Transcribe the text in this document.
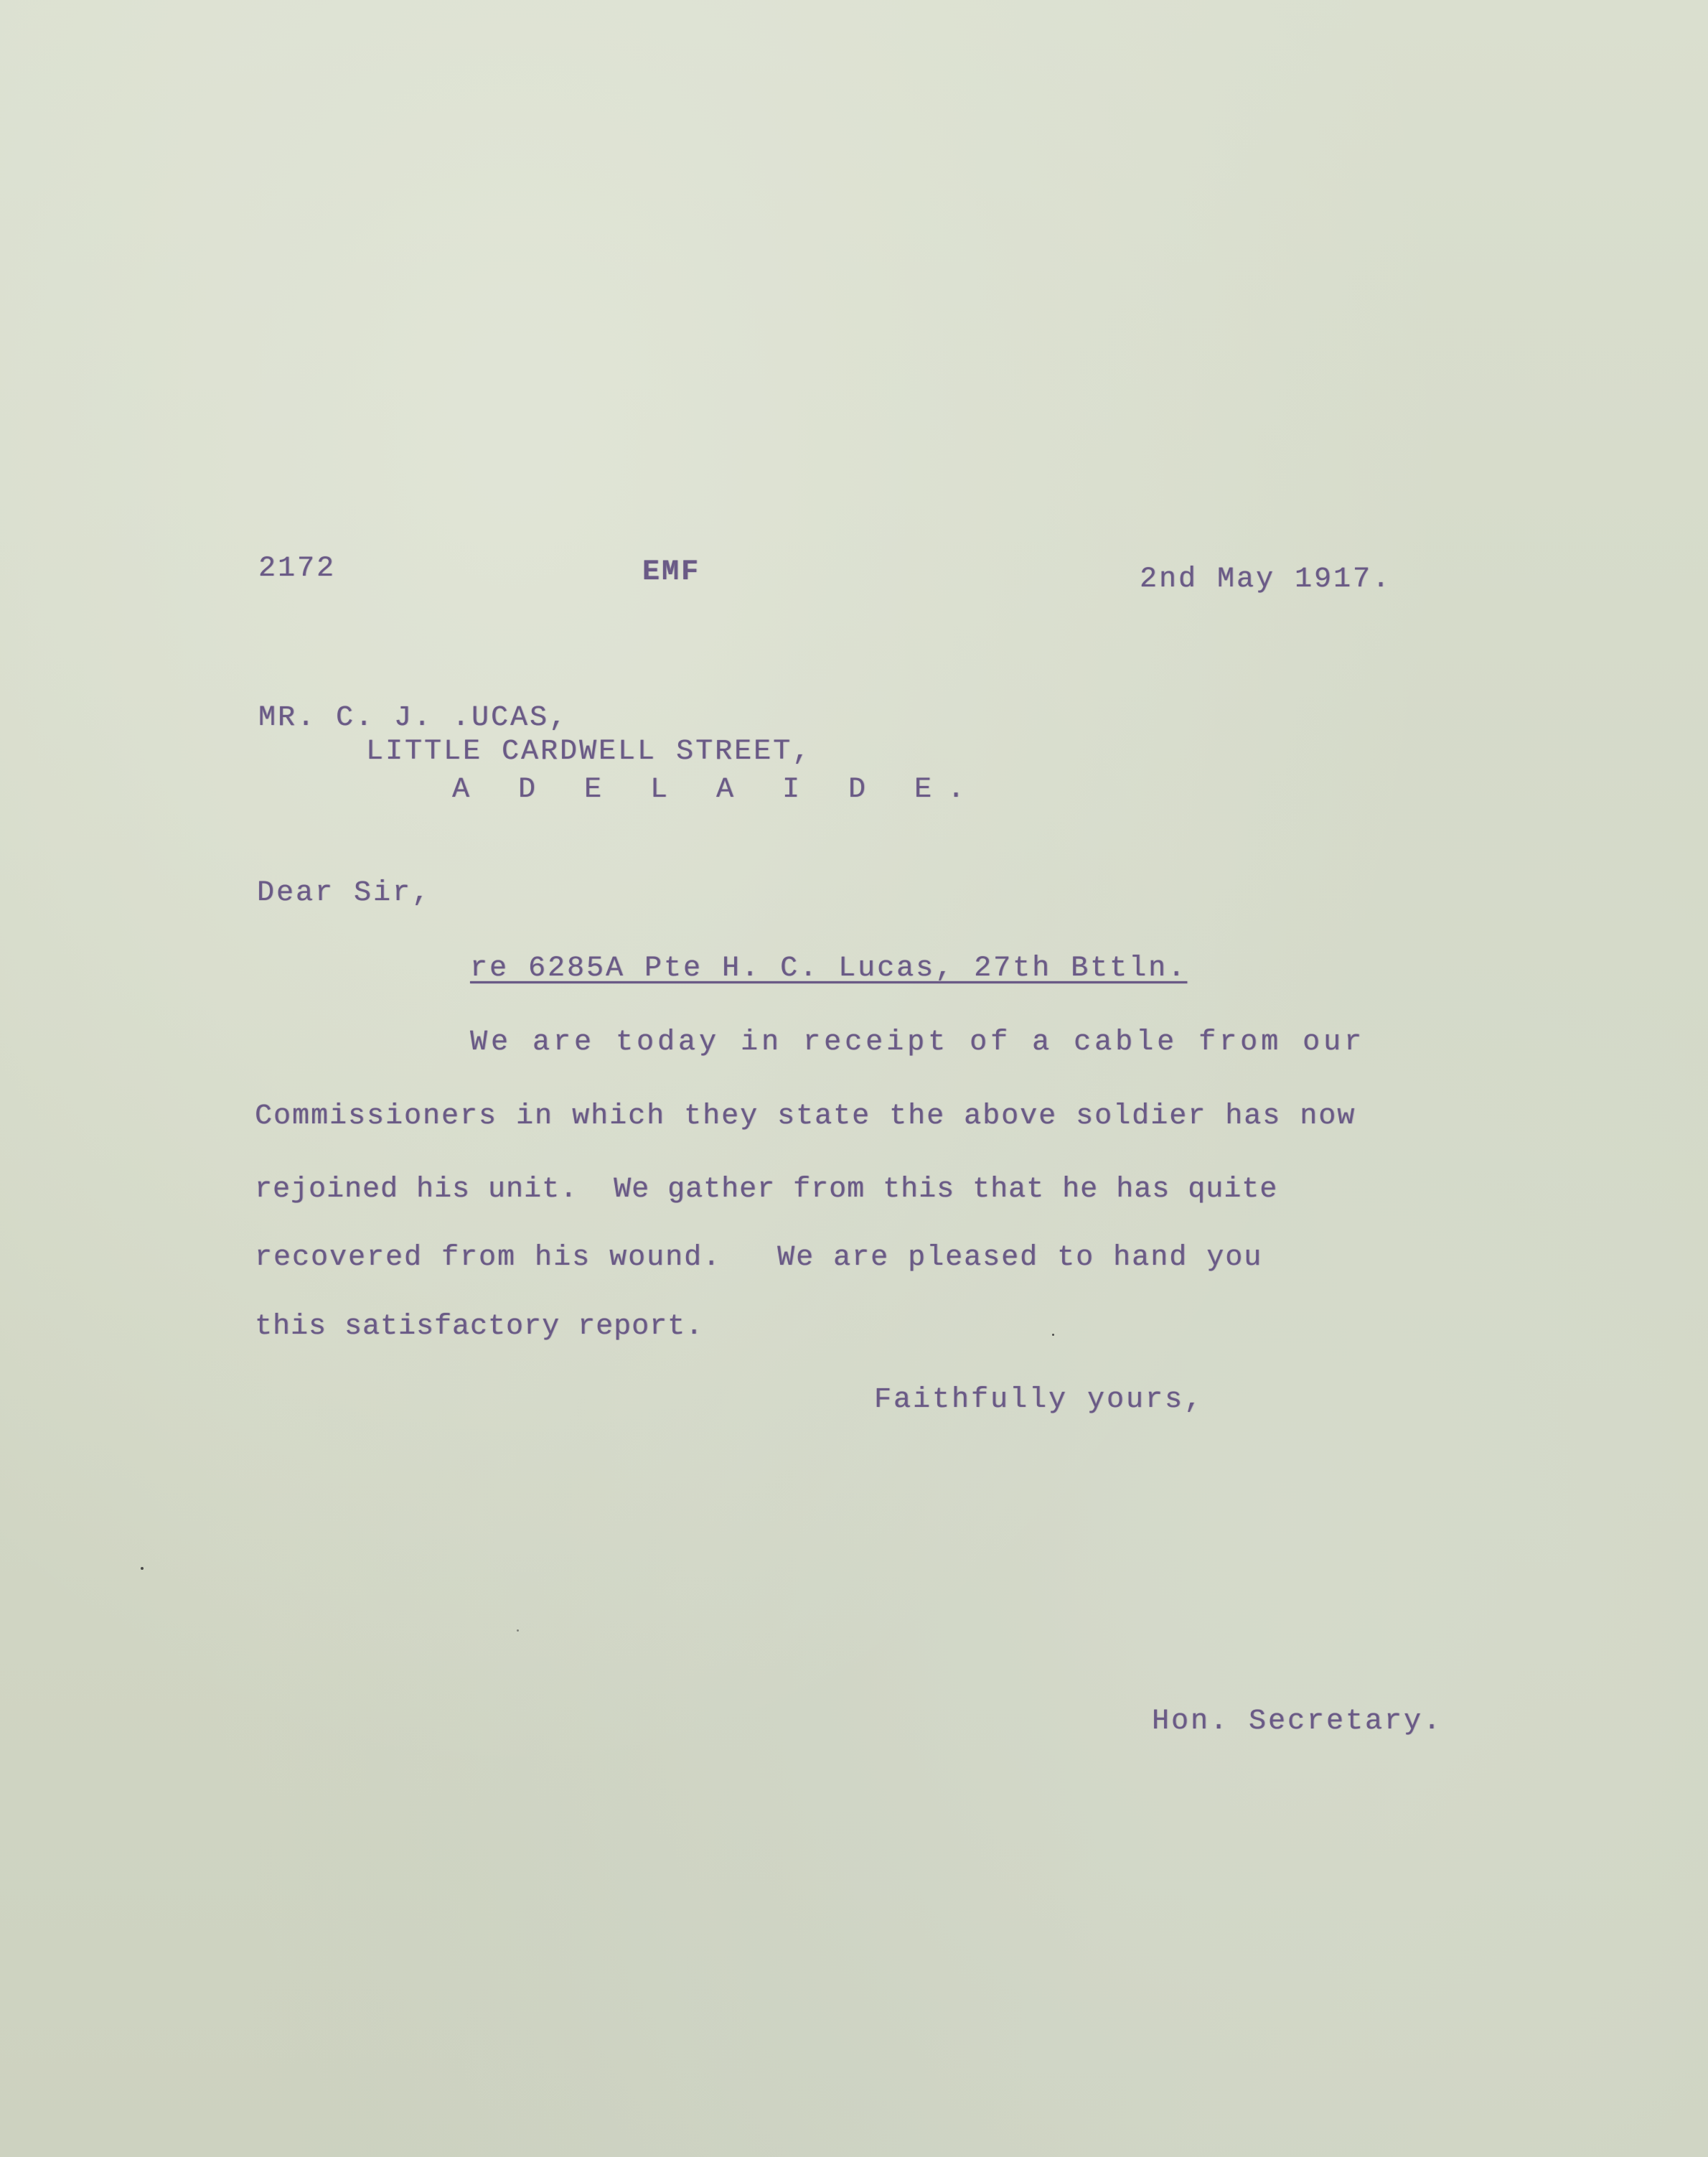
2172	EMF	2nd May 1917.
MR. C. J. .UCAS,
LITTLE CARDWELL STREET,
A D E L A I D E.
Dear Sir,
re 6285A Pte H. C. Lucas, 27th Bttln.
We are today in receipt of a cable from our
Commissioners in which they state the above soldier has now
rejoined his unit.  We gather from this that he has quite
recovered from his wound.   We are pleased to hand you
this satisfactory report.
Faithfully yours,
Hon. Secretary.
